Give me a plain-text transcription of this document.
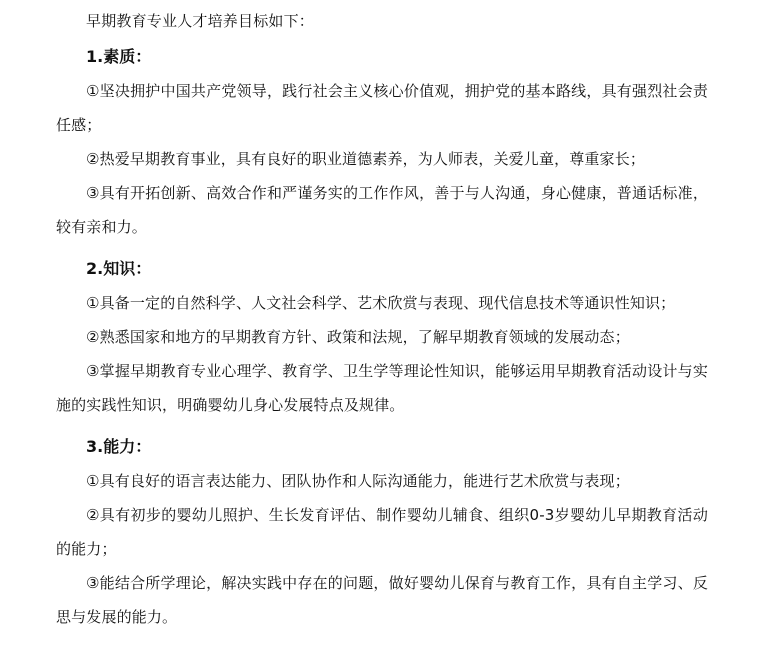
早期教育专业人才培养目标如下：

1.素质：

①坚决拥护中国共产党领导，践行社会主义核心价值观，拥护党的基本路线，具有强烈社会责任感；

②热爱早期教育事业，具有良好的职业道德素养，为人师表，关爱儿童，尊重家长；

③具有开拓创新、高效合作和严谨务实的工作作风，善于与人沟通，身心健康，普通话标准，较有亲和力。

2.知识：

①具备一定的自然科学、人文社会科学、艺术欣赏与表现、现代信息技术等通识性知识；

②熟悉国家和地方的早期教育方针、政策和法规，了解早期教育领域的发展动态；

③掌握早期教育专业心理学、教育学、卫生学等理论性知识，能够运用早期教育活动设计与实施的实践性知识，明确婴幼儿身心发展特点及规律。

3.能力：

①具有良好的语言表达能力、团队协作和人际沟通能力，能进行艺术欣赏与表现；

②具有初步的婴幼儿照护、生长发育评估、制作婴幼儿辅食、组织0-3岁婴幼儿早期教育活动的能力；

③能结合所学理论，解决实践中存在的问题，做好婴幼儿保育与教育工作，具有自主学习、反思与发展的能力。
